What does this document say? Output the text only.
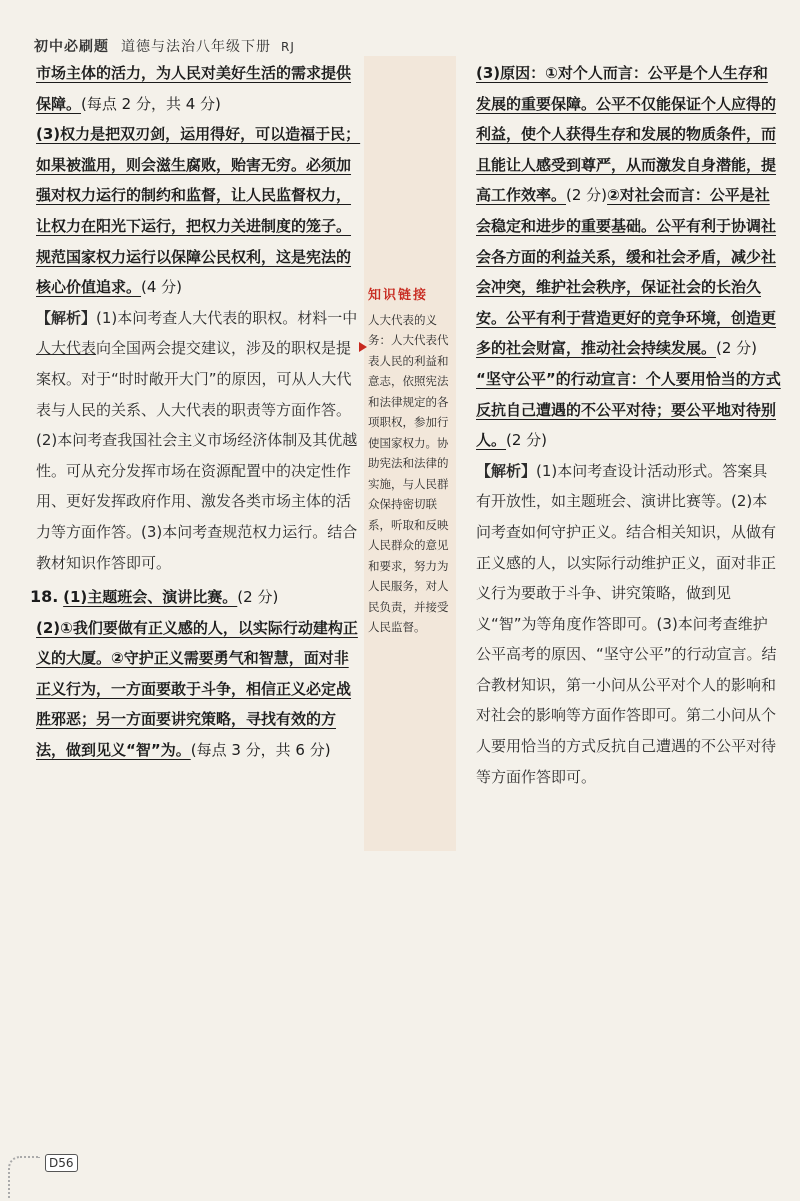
初中必刷题 道德与法治八年级下册 RJ

市场主体的活力，为人民对美好生活的需求提供保障。(每点 2 分，共 4 分)

(3)权力是把双刃剑，运用得好，可以造福于民；如果被滥用，则会滋生腐败，贻害无穷。必须加强对权力运行的制约和监督，让人民监督权力，让权力在阳光下运行，把权力关进制度的笼子。规范国家权力运行以保障公民权利，这是宪法的核心价值追求。(4 分)

【解析】(1)本问考查人大代表的职权。材料一中人大代表向全国两会提交建议，涉及的职权是提案权。对于“时时敞开大门”的原因，可从人大代表与人民的关系、人大代表的职责等方面作答。(2)本问考查我国社会主义市场经济体制及其优越性。可从充分发挥市场在资源配置中的决定性作用、更好发挥政府作用、激发各类市场主体的活力等方面作答。(3)本问考查规范权力运行。结合教材知识作答即可。

18. (1)主题班会、演讲比赛。(2 分)

(2)①我们要做有正义感的人，以实际行动建构正义的大厦。②守护正义需要勇气和智慧，面对非正义行为，一方面要敢于斗争，相信正义必定战胜邪恶；另一方面要讲究策略，寻找有效的方法，做到见义“智”为。(每点 3 分，共 6 分)

知识链接
人大代表的义务：人大代表代表人民的利益和意志，依照宪法和法律规定的各项职权，参加行使国家权力。协助宪法和法律的实施，与人民群众保持密切联系，听取和反映人民群众的意见和要求，努力为人民服务，对人民负责，并接受人民监督。

(3)原因：①对个人而言：公平是个人生存和发展的重要保障。公平不仅能保证个人应得的利益，使个人获得生存和发展的物质条件，而且能让人感受到尊严，从而激发自身潜能，提高工作效率。(2 分)②对社会而言：公平是社会稳定和进步的重要基础。公平有利于协调社会各方面的利益关系，缓和社会矛盾，减少社会冲突，维护社会秩序，保证社会的长治久安。公平有利于营造更好的竞争环境，创造更多的社会财富，推动社会持续发展。(2 分)

“坚守公平”的行动宣言：个人要用恰当的方式反抗自己遭遇的不公平对待；要公平地对待别人。(2 分)

【解析】(1)本问考查设计活动形式。答案具有开放性，如主题班会、演讲比赛等。(2)本问考查如何守护正义。结合相关知识，从做有正义感的人，以实际行动维护正义，面对非正义行为要敢于斗争、讲究策略，做到见义“智”为等角度作答即可。(3)本问考查维护公平高考的原因、“坚守公平”的行动宣言。结合教材知识，第一小问从公平对个人的影响和对社会的影响等方面作答即可。第二小问从个人要用恰当的方式反抗自己遭遇的不公平对待等方面作答即可。

D56
